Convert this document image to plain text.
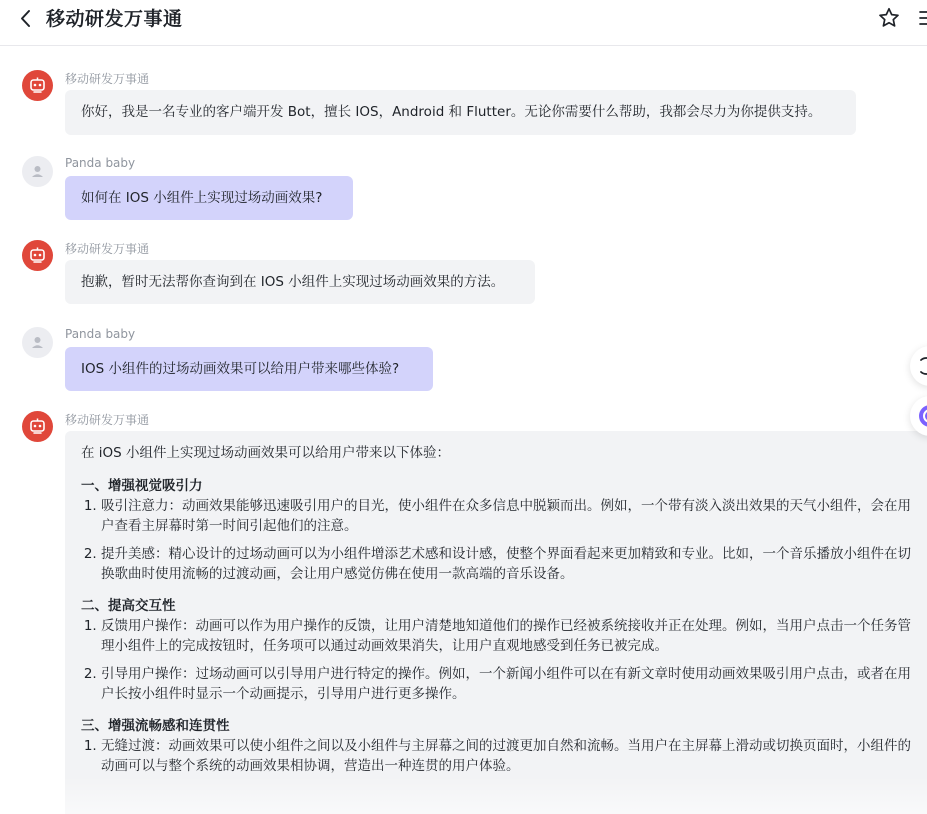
移动研发万事通
移动研发万事通
你好，我是一名专业的客户端开发 Bot，擅长 IOS，Android 和 Flutter。无论你需要什么帮助，我都会尽力为你提供支持。
Panda baby
如何在 IOS 小组件上实现过场动画效果?
移动研发万事通
抱歉，暂时无法帮你查询到在 IOS 小组件上实现过场动画效果的方法。
Panda baby
IOS 小组件的过场动画效果可以给用户带来哪些体验?
移动研发万事通

在 iOS 小组件上实现过场动画效果可以给用户带来以下体验：

一、增强视觉吸引力

1. 吸引注意力：动画效果能够迅速吸引用户的目光，使小组件在众多信息中脱颖而出。例如，一个带有淡入淡出效果的天气小组件，会在用户查看主屏幕时第一时间引起他们的注意。
2. 提升美感：精心设计的过场动画可以为小组件增添艺术感和设计感，使整个界面看起来更加精致和专业。比如，一个音乐播放小组件在切换歌曲时使用流畅的过渡动画，会让用户感觉仿佛在使用一款高端的音乐设备。

二、提高交互性

1. 反馈用户操作：动画可以作为用户操作的反馈，让用户清楚地知道他们的操作已经被系统接收并正在处理。例如，当用户点击一个任务管理小组件上的完成按钮时，任务项可以通过动画效果消失，让用户直观地感受到任务已被完成。
2. 引导用户操作：过场动画可以引导用户进行特定的操作。例如，一个新闻小组件可以在有新文章时使用动画效果吸引用户点击，或者在用户长按小组件时显示一个动画提示，引导用户进行更多操作。

三、增强流畅感和连贯性

1. 无缝过渡：动画效果可以使小组件之间以及小组件与主屏幕之间的过渡更加自然和流畅。当用户在主屏幕上滑动或切换页面时，小组件的动画可以与整个系统的动画效果相协调，营造出一种连贯的用户体验。
